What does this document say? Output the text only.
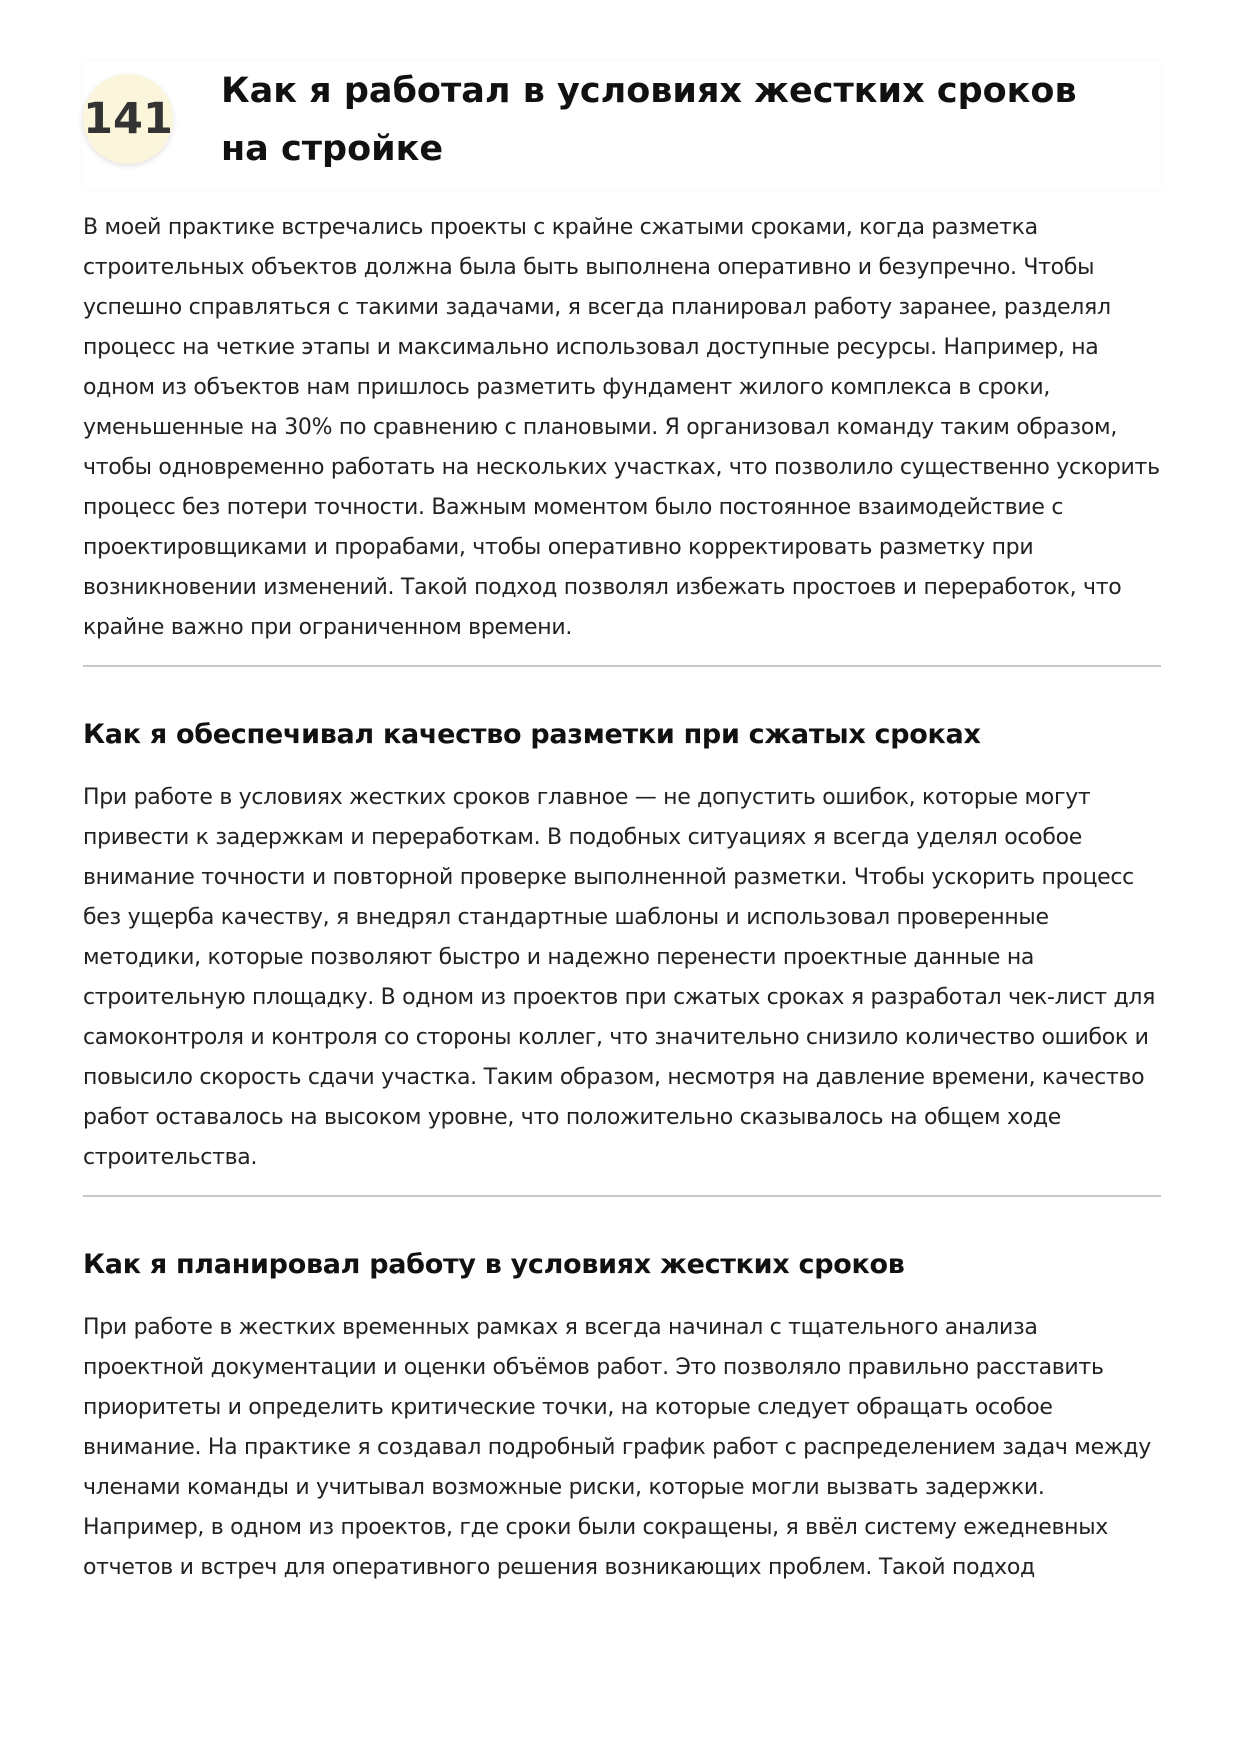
141
Как я работал в условиях жестких сроков на стройке

В моей практике встречались проекты с крайне сжатыми сроками, когда разметка строительных объектов должна была быть выполнена оперативно и безупречно. Чтобы успешно справляться с такими задачами, я всегда планировал работу заранее, разделял процесс на четкие этапы и максимально использовал доступные ресурсы. Например, на одном из объектов нам пришлось разметить фундамент жилого комплекса в сроки, уменьшенные на 30% по сравнению с плановыми. Я организовал команду таким образом, чтобы одновременно работать на нескольких участках, что позволило существенно ускорить процесс без потери точности. Важным моментом было постоянное взаимодействие с проектировщиками и прорабами, чтобы оперативно корректировать разметку при возникновении изменений. Такой подход позволял избежать простоев и переработок, что крайне важно при ограниченном времени.

Как я обеспечивал качество разметки при сжатых сроках

При работе в условиях жестких сроков главное — не допустить ошибок, которые могут привести к задержкам и переработкам. В подобных ситуациях я всегда уделял особое внимание точности и повторной проверке выполненной разметки. Чтобы ускорить процесс без ущерба качеству, я внедрял стандартные шаблоны и использовал проверенные методики, которые позволяют быстро и надежно перенести проектные данные на строительную площадку. В одном из проектов при сжатых сроках я разработал чек-лист для самоконтроля и контроля со стороны коллег, что значительно снизило количество ошибок и повысило скорость сдачи участка. Таким образом, несмотря на давление времени, качество работ оставалось на высоком уровне, что положительно сказывалось на общем ходе строительства.

Как я планировал работу в условиях жестких сроков

При работе в жестких временных рамках я всегда начинал с тщательного анализа проектной документации и оценки объёмов работ. Это позволяло правильно расставить приоритеты и определить критические точки, на которые следует обращать особое внимание. На практике я создавал подробный график работ с распределением задач между членами команды и учитывал возможные риски, которые могли вызвать задержки. Например, в одном из проектов, где сроки были сокращены, я ввёл систему ежедневных отчетов и встреч для оперативного решения возникающих проблем. Такой подход
